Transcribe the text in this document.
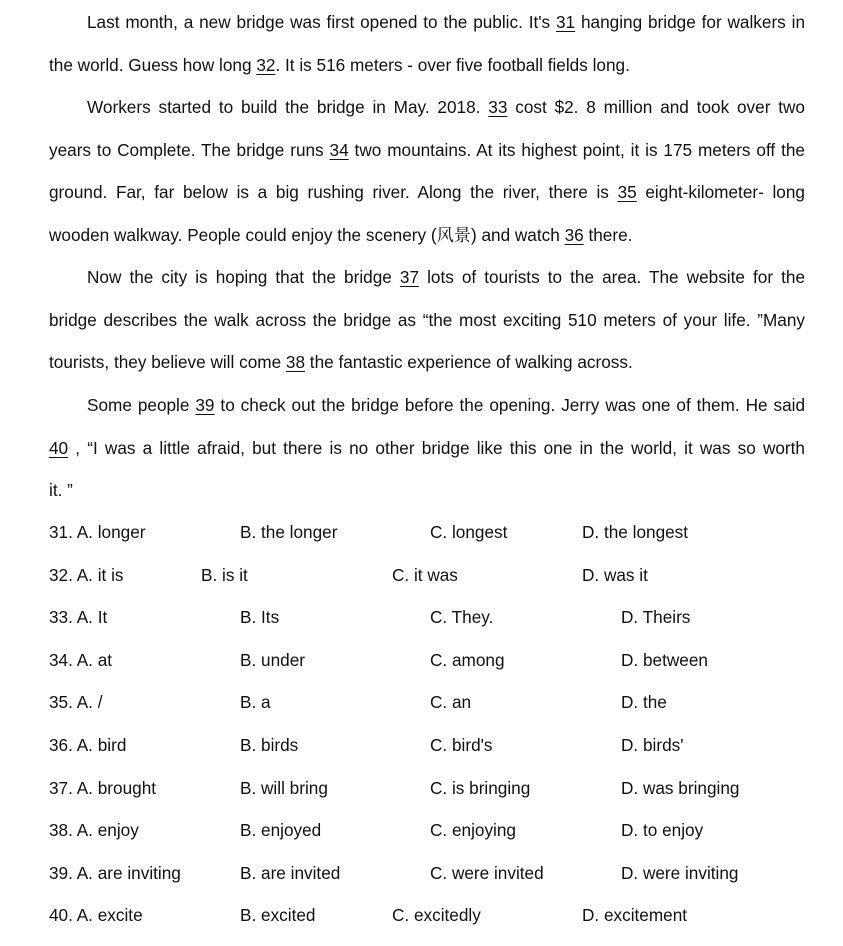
Last month, a new bridge was first opened to the public. It's 31 hanging bridge for walkers in
the world. Guess how long 32. It is 516 meters - over five football fields long.
Workers started to build the bridge in May. 2018. 33 cost $2. 8 million and took over two
years to Complete. The bridge runs 34 two mountains. At its highest point, it is 175 meters off the
ground. Far, far below is a big rushing river. Along the river, there is 35 eight-kilometer- long
wooden walkway. People could enjoy the scenery (风景) and watch 36 there.
Now the city is hoping that the bridge 37 lots of tourists to the area. The website for the
bridge describes the walk across the bridge as “the most exciting 510 meters of your life. ”Many
tourists, they believe will come 38 the fantastic experience of walking across.
Some people 39 to check out the bridge before the opening. Jerry was one of them. He said
40 , “I was a little afraid, but there is no other bridge like this one in the world, it was so worth
it. ”
31. A. longer	B. the longer	C. longest	D. the longest
32. A. it is	B. is it	C. it was	D. was it
33. A. It	B. Its	C. They.	D. Theirs
34. A. at	B. under	C. among	D. between
35. A. /	B. a	C. an	D. the
36. A. bird	B. birds	C. bird's	D. birds'
37. A. brought	B. will bring	C. is bringing	D. was bringing
38. A. enjoy	B. enjoyed	C. enjoying	D. to enjoy
39. A. are inviting	B. are invited	C. were invited	D. were inviting
40. A. excite	B. excited	C. excitedly	D. excitement
